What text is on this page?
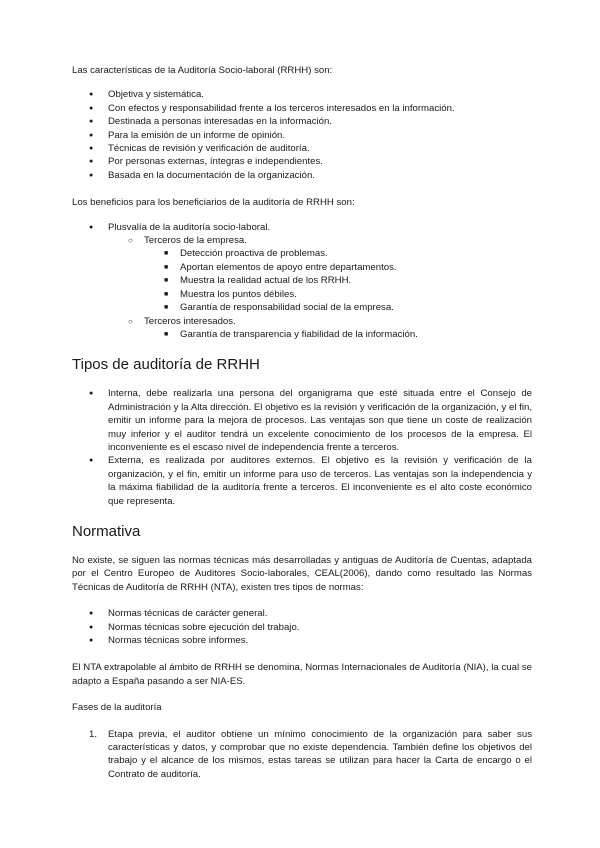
Las características de la Auditoría Socio-laboral (RRHH) son:

● Objetiva y sistemática.
● Con efectos y responsabilidad frente a los terceros interesados en la información.
● Destinada a personas interesadas en la información.
● Para la emisión de un informe de opinión.
● Técnicas de revisión y verificación de auditoría.
● Por personas externas, íntegras e independientes.
● Basada en la documentación de la organización.

Los beneficios para los beneficiarios de la auditoría de RRHH son:

● Plusvalía de la auditoría socio-laboral.
○ Terceros de la empresa.
■ Detección proactiva de problemas.
■ Aportan elementos de apoyo entre departamentos.
■ Muestra la realidad actual de los RRHH.
■ Muestra los puntos débiles.
■ Garantía de responsabilidad social de la empresa.
○ Terceros interesados.
■ Garantía de transparencia y fiabilidad de la información.
Tipos de auditoría de RRHH
● Interna, debe realizarla una persona del organigrama que esté situada entre el Consejo de Administración y la Alta dirección. El objetivo es la revisión y verificación de la organización, y el fin, emitir un informe para la mejora de procesos. Las ventajas son que tiene un coste de realización muy inferior y el auditor tendrá un excelente conocimiento de los procesos de la empresa. El inconveniente es el escaso nivel de independencia frente a terceros.
● Externa, es realizada por auditores externos. El objetivo es la revisión y verificación de la organización, y el fin, emitir un informe para uso de terceros. Las ventajas son la independencia y la máxima fiabilidad de la auditoría frente a terceros. El inconveniente es el alto coste económico que representa.
Normativa

No existe, se siguen las normas técnicas más desarrolladas y antiguas de Auditoría de Cuentas, adaptada por el Centro Europeo de Auditores Socio-laborales, CEAL(2006), dando como resultado las Normas Técnicas de Auditoría de RRHH (NTA), existen tres tipos de normas:

● Normas técnicas de carácter general.
● Normas técnicas sobre ejecución del trabajo.
● Normas técnicas sobre informes.

El NTA extrapolable al ámbito de RRHH se denomina, Normas Internacionales de Auditoría (NIA), la cual se adapto a España pasando a ser NIA-ES.

Fases de la auditoría

1. Etapa previa, el auditor obtiene un mínimo conocimiento de la organización para saber sus características y datos, y comprobar que no existe dependencia. También define los objetivos del trabajo y el alcance de los mismos, estas tareas se utilizan para hacer la Carta de encargo o el Contrato de auditoría.
